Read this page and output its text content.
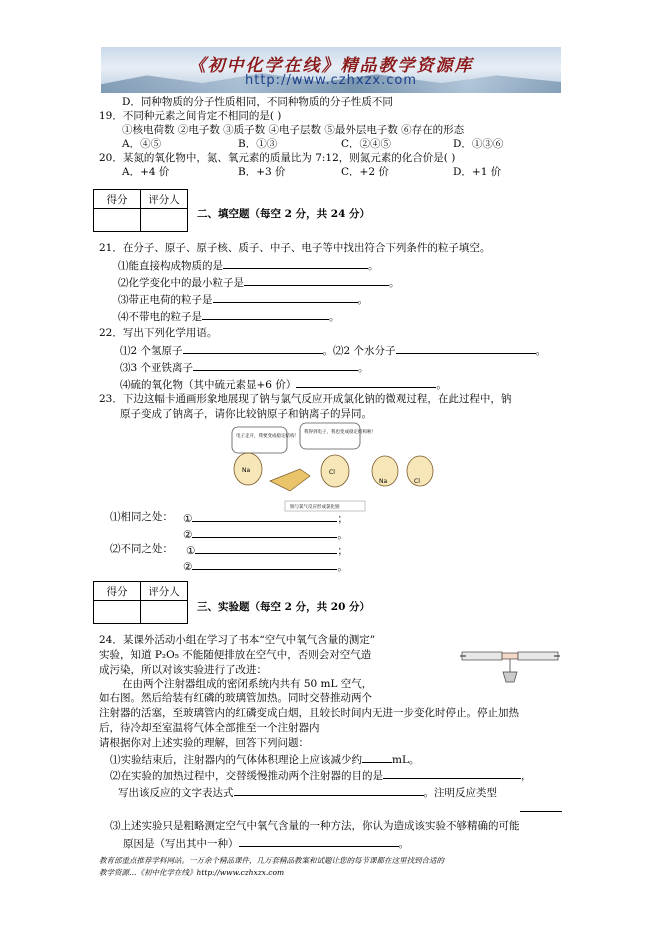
《初中化学在线》精品教学资源库
http://www.czhxzx.com
D．同种物质的分子性质相同，不同种物质的分子性质不同
19．不同种元素之间肯定不相同的是( )
①核电荷数 ②电子数 ③质子数 ④电子层数 ⑤最外层电子数 ⑥存在的形态
A．④⑤	B．①③	C．②④⑤	D．①③⑥
20．某氮的氧化物中，氮、氧元素的质量比为 7:12，则氮元素的化合价是( )
A．+4 价	B．+3 价	C．+2 价	D．+1 价
得分	评分人

二、填空题（每空 2 分，共 24 分）
21．在分子、原子、原子核、质子、中子、电子等中找出符合下列条件的粒子填空。
⑴能直接构成物质的是	。
⑵化学变化中的最小粒子是	。
⑶带正电荷的粒子是	。
⑷不带电的粒子是	。
22．写出下列化学用语。
⑴2 个氢原子	。⑵2 个水分子	。
⑶3 个亚铁离子	。
⑷硫的氧化物（其中硫元素显+6 价）	。
23．下边这幅卡通画形象地展现了钠与氯气反应开成氯化钠的微观过程，在此过程中，钠
原子变成了钠离子，请你比较钠原子和钠离子的异同。
电子走开，我要变成稳定结构！
我得到电子，我也变成稳定结构啦！
Na	Cl
Na	Cl
钠与氯气反应形成氯化钠
⑴相同之处： ①	；
②	。
⑵不同之处： ①	；
②	。
得分	评分人

三、实验题（每空 2 分，共 20 分）
24．某课外活动小组在学习了书本“空气中氧气含量的测定”
实验，知道 P₂O₅ 不能随便排放在空气中，否则会对空气造
成污染，所以对该实验进行了改进：
在由两个注射器组成的密闭系统内共有 50 mL 空气，
如右图。然后给装有红磷的玻璃管加热。同时交替推动两个
注射器的活塞，至玻璃管内的红磷变成白烟，且较长时间内无进一步变化时停止。停止加热
后，待冷却至室温将气体全部推至一个注射器内
请根据你对上述实验的理解，回答下列问题：
⑴实验结束后，注射器内的气体体积理论上应该减少约	mL。
⑵在实验的加热过程中，交替缓慢推动两个注射器的目的是	，
写出该反应的文字表达式	。注明反应类型
⑶上述实验只是粗略测定空气中氧气含量的一种方法，你认为造成该实验不够精确的可能
原因是（写出其中一种）	。
教育部重点推荐学科网站。一万余个精品课件，几万套精品教案和试题让您的每节课都在这里找到合适的
教学资源…《初中化学在线》http://www.czhxzx.com
